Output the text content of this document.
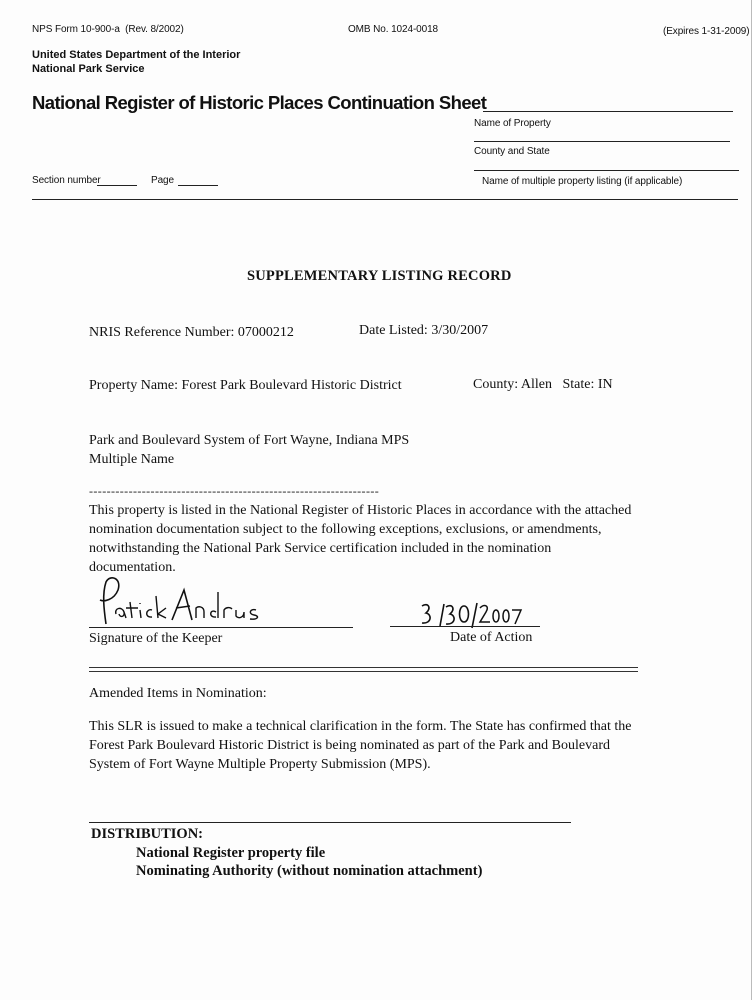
NPS Form 10-900-a (Rev. 8/2002)	OMB No. 1024-0018	(Expires 1-31-2009)
United States Department of the Interior
National Park Service
National Register of Historic Places Continuation Sheet
Name of Property
County and State
Name of multiple property listing (if applicable)
Section number	Page
SUPPLEMENTARY LISTING RECORD
NRIS Reference Number: 07000212	Date Listed: 3/30/2007
Property Name: Forest Park Boulevard Historic District	County: Allen State: IN
Park and Boulevard System of Fort Wayne, Indiana MPS
Multiple Name
------------------------------------------------------------------
This property is listed in the National Register of Historic Places in accordance with the attached
nomination documentation subject to the following exceptions, exclusions, or amendments,
notwithstanding the National Park Service certification included in the nomination
documentation.
Signature of the Keeper	Date of Action
Amended Items in Nomination:
This SLR is issued to make a technical clarification in the form. The State has confirmed that the
Forest Park Boulevard Historic District is being nominated as part of the Park and Boulevard
System of Fort Wayne Multiple Property Submission (MPS).
DISTRIBUTION:
National Register property file
Nominating Authority (without nomination attachment)
